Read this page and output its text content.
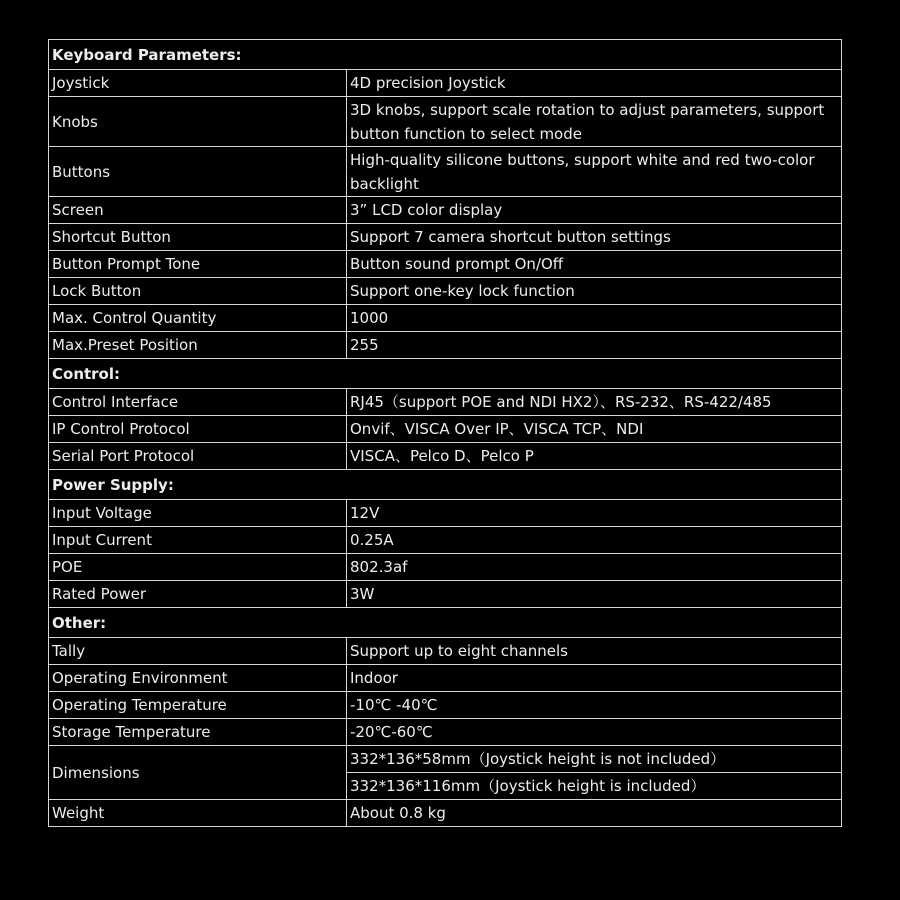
Keyboard Parameters:	
Joystick	4D precision Joystick
Knobs	3D knobs, support scale rotation to adjust parameters, support button function to select mode
Buttons	High-quality silicone buttons, support white and red two-color backlight
Screen	3” LCD color display
Shortcut Button	Support 7 camera shortcut button settings
Button Prompt Tone	Button sound prompt On/Off
Lock Button	Support one-key lock function
Max. Control Quantity	1000
Max.Preset Position	255
Control:	
Control Interface	RJ45（support POE and NDI HX2）、RS-232、RS-422/485
IP Control Protocol	Onvif、VISCA Over IP、VISCA TCP、NDI
Serial Port Protocol	VISCA、Pelco D、Pelco P
Power Supply:	
Input Voltage	12V
Input Current	0.25A
POE	802.3af
Rated Power	3W
Other:	
Tally	Support up to eight channels
Operating Environment	Indoor
Operating Temperature	-10℃ -40℃
Storage Temperature	-20℃-60℃
Dimensions	332*136*58mm（Joystick height is not included）
	332*136*116mm（Joystick height is included）
Weight	About 0.8 kg
